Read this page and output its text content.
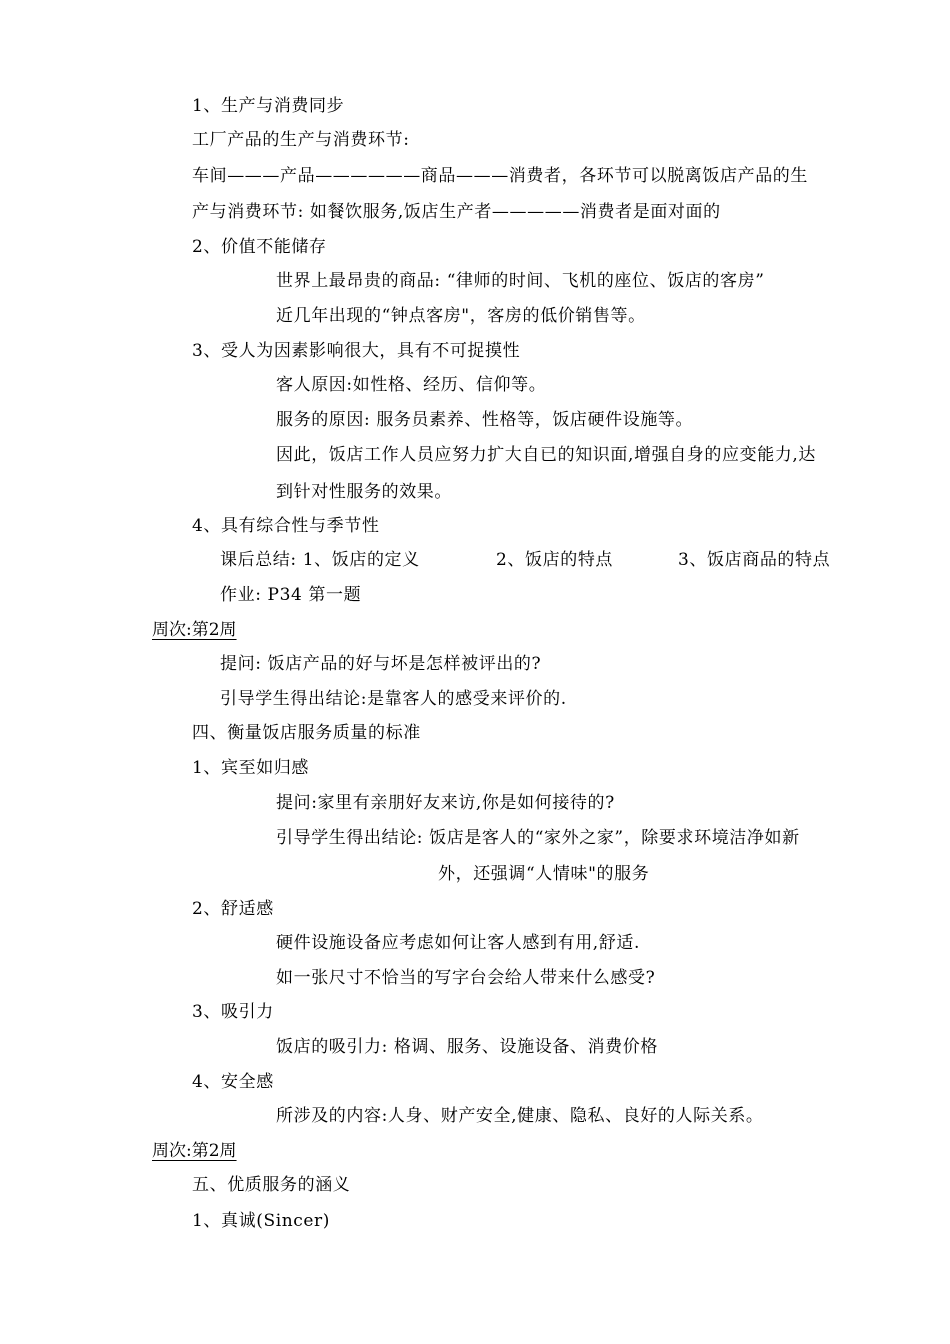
1、生产与消费同步
工厂产品的生产与消费环节:
车间———产品——————商品———消费者，各环节可以脱离饭店产品的生
产与消费环节: 如餐饮服务,饭店生产者—————消费者是面对面的
2、价值不能储存
世界上最昂贵的商品: “律师的时间、飞机的座位、饭店的客房”
近几年出现的“钟点客房"，客房的低价销售等。
3、受人为因素影响很大，具有不可捉摸性
客人原因:如性格、经历、信仰等。
服务的原因: 服务员素养、性格等，饭店硬件设施等。
因此，饭店工作人员应努力扩大自已的知识面,增强自身的应变能力,达
到针对性服务的效果。
4、具有综合性与季节性
课后总结: 1、饭店的定义	2、饭店的特点	3、饭店商品的特点
作业: P34 第一题
周次:第2周
提问: 饭店产品的好与坏是怎样被评出的?
引导学生得出结论:是靠客人的感受来评价的.
四、衡量饭店服务质量的标准
1、宾至如归感
提问:家里有亲朋好友来访,你是如何接待的?
引导学生得出结论: 饭店是客人的“家外之家”，除要求环境洁净如新
外，还强调“人情味"的服务
2、舒适感
硬件设施设备应考虑如何让客人感到有用,舒适.
如一张尺寸不恰当的写字台会给人带来什么感受?
3、吸引力
饭店的吸引力: 格调、服务、设施设备、消费价格
4、安全感
所涉及的内容:人身、财产安全,健康、隐私、良好的人际关系。
周次:第2周
五、优质服务的涵义
1、真诚(Sincer)
